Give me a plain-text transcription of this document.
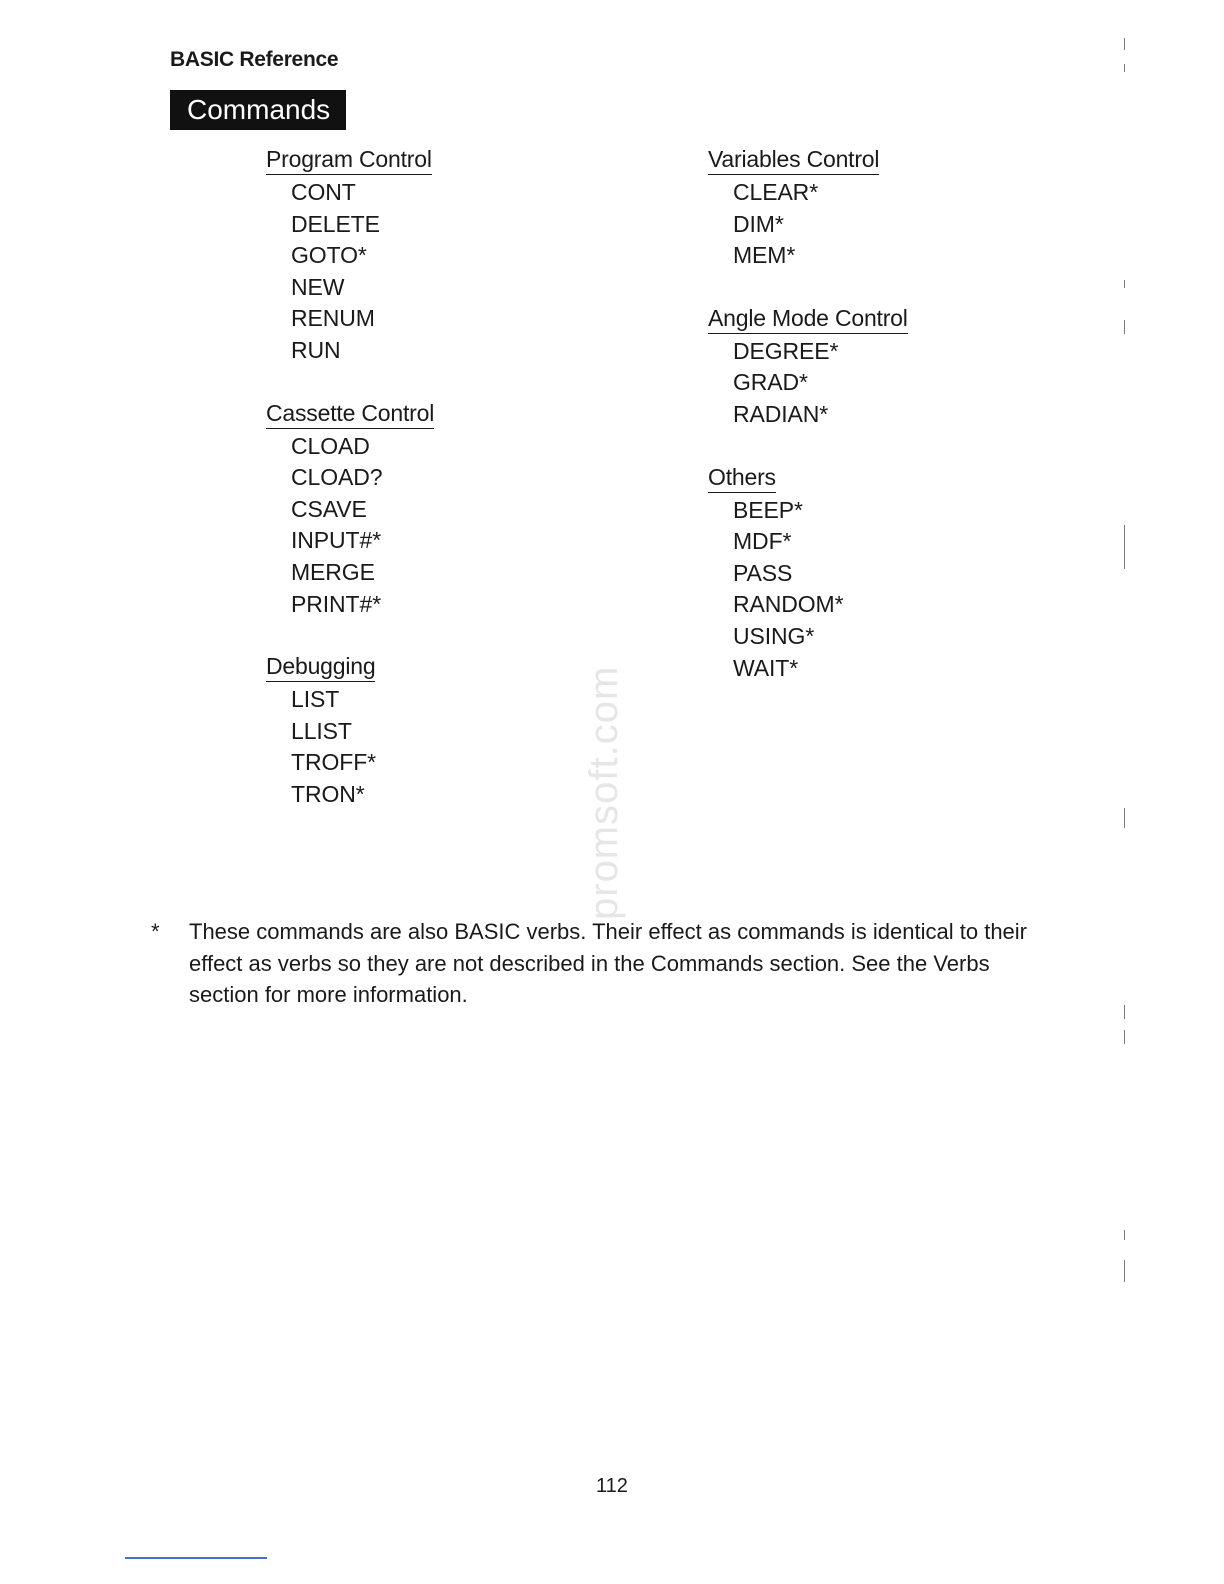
BASIC Reference
Commands
Program Control
CONT
DELETE
GOTO*
NEW
RENUM
RUN
Cassette Control
CLOAD
CLOAD?
CSAVE
INPUT#*
MERGE
PRINT#*
Debugging
LIST
LLIST
TROFF*
TRON*
Variables Control
CLEAR*
DIM*
MEM*
Angle Mode Control
DEGREE*
GRAD*
RADIAN*
Others
BEEP*
MDF*
PASS
RANDOM*
USING*
WAIT*
promsoft.com
* These commands are also BASIC verbs. Their effect as commands is identical to their effect as verbs so they are not described in the Commands section. See the Verbs section for more information.
112
